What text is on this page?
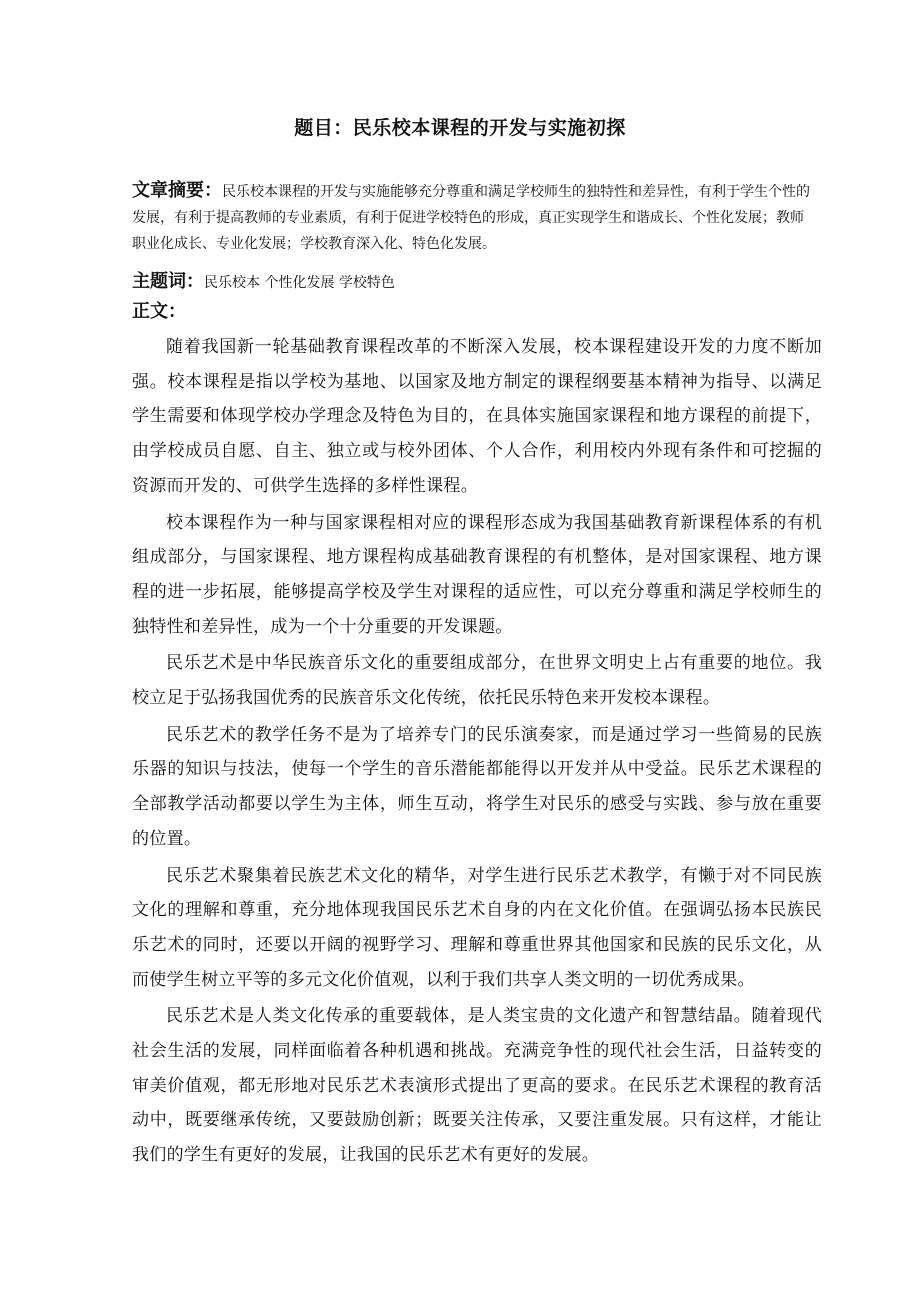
题目：民乐校本课程的开发与实施初探
文章摘要：民乐校本课程的开发与实施能够充分尊重和满足学校师生的独特性和差异性，有利于学生个性的发展，有利于提高教师的专业素质，有利于促进学校特色的形成，真正实现学生和谐成长、个性化发展；教师职业化成长、专业化发展；学校教育深入化、特色化发展。
主题词：民乐校本 个性化发展 学校特色
正文：

随着我国新一轮基础教育课程改革的不断深入发展，校本课程建设开发的力度不断加强。校本课程是指以学校为基地、以国家及地方制定的课程纲要基本精神为指导、以满足学生需要和体现学校办学理念及特色为目的，在具体实施国家课程和地方课程的前提下，由学校成员自愿、自主、独立或与校外团体、个人合作，利用校内外现有条件和可挖掘的资源而开发的、可供学生选择的多样性课程。

校本课程作为一种与国家课程相对应的课程形态成为我国基础教育新课程体系的有机组成部分，与国家课程、地方课程构成基础教育课程的有机整体，是对国家课程、地方课程的进一步拓展，能够提高学校及学生对课程的适应性，可以充分尊重和满足学校师生的独特性和差异性，成为一个十分重要的开发课题。

民乐艺术是中华民族音乐文化的重要组成部分，在世界文明史上占有重要的地位。我校立足于弘扬我国优秀的民族音乐文化传统，依托民乐特色来开发校本课程。

民乐艺术的教学任务不是为了培养专门的民乐演奏家，而是通过学习一些简易的民族乐器的知识与技法，使每一个学生的音乐潜能都能得以开发并从中受益。民乐艺术课程的全部教学活动都要以学生为主体，师生互动，将学生对民乐的感受与实践、参与放在重要的位置。

民乐艺术聚集着民族艺术文化的精华，对学生进行民乐艺术教学，有懒于对不同民族文化的理解和尊重，充分地体现我国民乐艺术自身的内在文化价值。在强调弘扬本民族民乐艺术的同时，还要以开阔的视野学习、理解和尊重世界其他国家和民族的民乐文化，从而使学生树立平等的多元文化价值观，以利于我们共享人类文明的一切优秀成果。

民乐艺术是人类文化传承的重要载体，是人类宝贵的文化遗产和智慧结晶。随着现代社会生活的发展，同样面临着各种机遇和挑战。充满竞争性的现代社会生活，日益转变的审美价值观，都无形地对民乐艺术表演形式提出了更高的要求。在民乐艺术课程的教育活动中，既要继承传统，又要鼓励创新；既要关注传承，又要注重发展。只有这样，才能让我们的学生有更好的发展，让我国的民乐艺术有更好的发展。
